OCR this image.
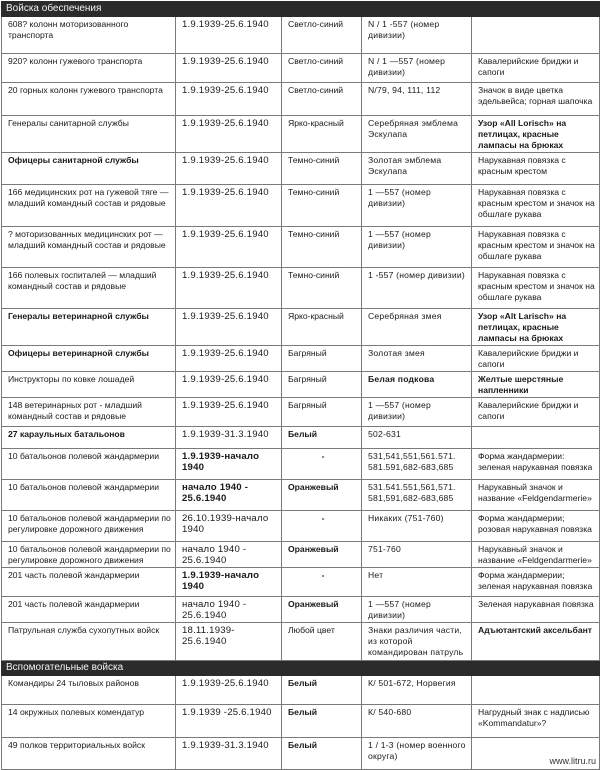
Войска обеспечения				
608? колонн моторизованного транспорта	1.9.1939-25.6.1940	Светло-синий	N / 1 -557 (номер дивизии)	
920? колонн гужевого транспорта	1.9.1939-25.6.1940	Светло-синий	N / 1 —557 (номер дивизии)	Кавалерийские бриджи и сапоги
20 горных колонн гужевого транспорта	1.9.1939-25.6.1940	Светло-синий	N/79, 94, 111, 112	Значок в виде цветка эдельвейса; горная шапочка
Генералы санитарной службы	1.9.1939-25.6.1940	Ярко-красный	Серебряная эмблема Эскулапа	Узор «All Lorisch» на петлицах, красные лампасы на брюках
Офицеры санитарной службы	1.9.1939-25.6.1940	Темно-синий	Золотая эмблема Эскулапа	Нарукавная повязка с красным крестом
166 медицинских рот на гужевой тяге — младший командный состав и рядовые	1.9.1939-25.6.1940	Темно-синий	1 —557 (номер дивизии)	Нарукавная повязка с красным крестом и значок на обшлаге рукава
? моторизованных медицинских рот — младший командный состав и рядовые	1.9.1939-25.6.1940	Темно-синий	1 —557 (номер дивизии)	Нарукавная повязка с красным крестом и значок на обшлаге рукава
166 полевых госпиталей — младший командный состав и рядовые	1.9.1939-25.6.1940	Темно-синий	1 -557 (номер дивизии)	Нарукавная повязка с красным крестом и значок на обшлаге рукава
Генералы ветеринарной службы	1.9.1939-25.6.1940	Ярко-красный	Серебряная змея	Узор «Alt Larisch» на петлицах, красные лампасы на брюках
Офицеры ветеринарной службы	1.9.1939-25.6.1940	Багряный	Золотая змея	Кавалерийские бриджи и сапоги
Инструкторы по ковке лошадей	1.9.1939-25.6.1940	Багряный	Белая подкова	Желтые шерстяные напленники
148 ветеринарных рот - младший командный состав и рядовые	1.9.1939-25.6.1940	Багряный	1 —557 (номер дивизии)	Кавалерийские бриджи и сапоги
27 караульных батальонов	1.9.1939-31.3.1940	Белый	502-631	
10 батальонов полевой жандармерии	1.9.1939-начало 1940	-	531,541,551,561.571. 581.591,682-683,685	Форма жандармерии: зеленая нарукавная повязка
10 батальонов полевой жандармерии	начало 1940 - 25.6.1940	Оранжевый	531.541.551,561,571. 581,591,682-683,685	Нарукавный значок и название «Feldgendarmerie»
10 батальонов полевой жандармерии по регулировке дорожного движения	26.10.1939-начало 1940	-	Никаких (751-760)	Форма жандармерии; розовая нарукавная повязка
10 батальонов полевой жандармерии по регулировке дорожного движения	начало 1940 - 25.6.1940	Оранжевый	751-760	Нарукавный значок и название «Feldgendarmerie»
201 часть полевой жандармерии	1.9.1939-начало 1940	-	Нет	Форма жандармерии; зеленая нарукавная повязка
201 часть полевой жандармерии	начало 1940 - 25.6.1940	Оранжевый	1 —557 (номер дивизии)	Зеленая нарукавная повязка
Патрульная служба сухопутных войск	18.11.1939-25.6.1940	Любой цвет	Знаки различия части, из которой командирован патруль	Адъютантский аксельбант
Вспомогательные войска				
Командиры 24 тыловых районов	1.9.1939-25.6.1940	Белый	К/ 501-672, Норвегия	
14 окружных полевых комендатур	1.9.1939 -25.6.1940	Белый	К/ 540-680	Нагрудный знак с надписью «Kommandatur»?
49 полков территориальных войск	1.9.1939-31.3.1940	Белый	1 / 1-3 (номер военного округа)		www.litru.ru
